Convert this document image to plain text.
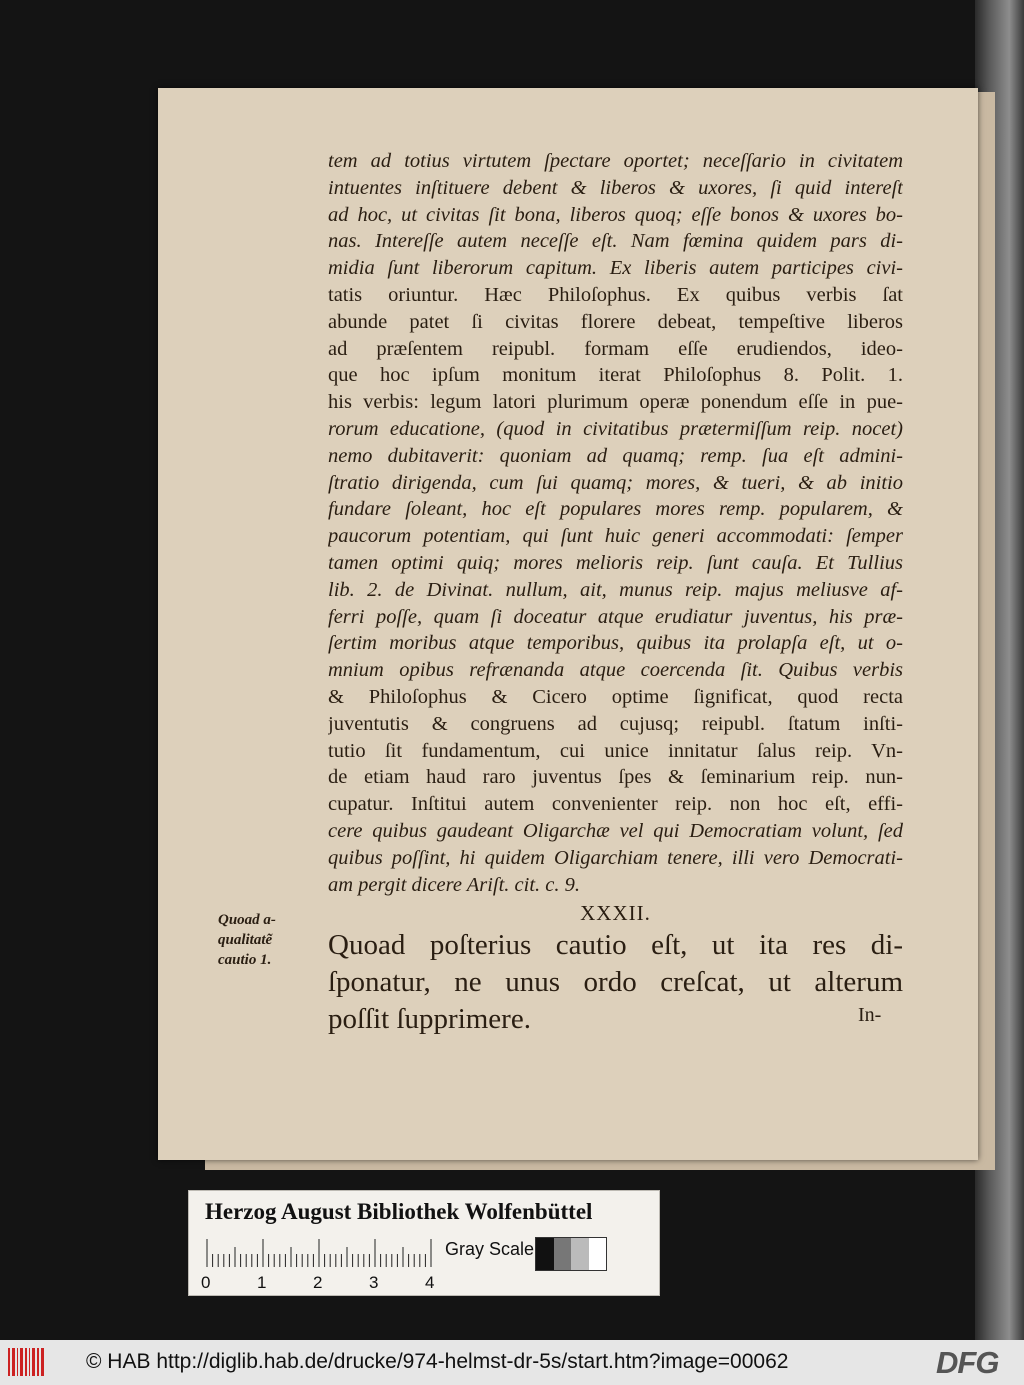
tem ad totius virtutem ſpectare oportet; neceſſario in civitatem
intuentes inſtituere debent & liberos & uxores, ſi quid intereſt
ad hoc, ut civitas ſit bona, liberos quoq; eſſe bonos & uxores bo-
nas. Intereſſe autem neceſſe eſt. Nam fœmina quidem pars di-
midia ſunt liberorum capitum. Ex liberis autem participes civi-
tatis oriuntur. Hæc Philoſophus. Ex quibus verbis ſat
abunde patet ſi civitas florere debeat, tempeſtive liberos
ad præſentem reipubl. formam eſſe erudiendos, ideo-
que hoc ipſum monitum iterat Philoſophus 8. Polit. 1.
his verbis: legum latori plurimum operæ ponendum eſſe in pue-
rorum educatione, (quod in civitatibus prætermiſſum reip. nocet)
nemo dubitaverit: quoniam ad quamq; remp. ſua eſt admini-
ſtratio dirigenda, cum ſui quamq; mores, & tueri, & ab initio
fundare ſoleant, hoc eſt populares mores remp. popularem, &
paucorum potentiam, qui ſunt huic generi accommodati: ſemper
tamen optimi quiq; mores melioris reip. ſunt cauſa. Et Tullius
lib. 2. de Divinat. nullum, ait, munus reip. majus meliusve af-
ferri poſſe, quam ſi doceatur atque erudiatur juventus, his præ-
ſertim moribus atque temporibus, quibus ita prolapſa eſt, ut o-
mnium opibus refrænanda atque coercenda ſit. Quibus verbis
& Philoſophus & Cicero optime ſignificat, quod recta
juventutis & congruens ad cujusq; reipubl. ſtatum inſti-
tutio ſit fundamentum, cui unice innitatur ſalus reip. Vn-
de etiam haud raro juventus ſpes & ſeminarium reip. nun-
cupatur. Inſtitui autem convenienter reip. non hoc eſt, effi-
cere quibus gaudeant Oligarchæ vel qui Democratiam volunt, ſed
quibus poſſint, hi quidem Oligarchiam tenere, illi vero Democrati-
am pergit dicere Ariſt. cit. c. 9.
XXXII.
Quoad poſterius cautio eſt, ut ita res di-
ſponatur, ne unus ordo creſcat, ut alterum
poſſit ſupprimere.
Quoad a-
qualitatẽ
cautio 1.
In-
Herzog August Bibliothek Wolfenbüttel
0	1	2	3	4
Gray Scale
© HAB http://diglib.hab.de/drucke/974-helmst-dr-5s/start.htm?image=00062	DFG
